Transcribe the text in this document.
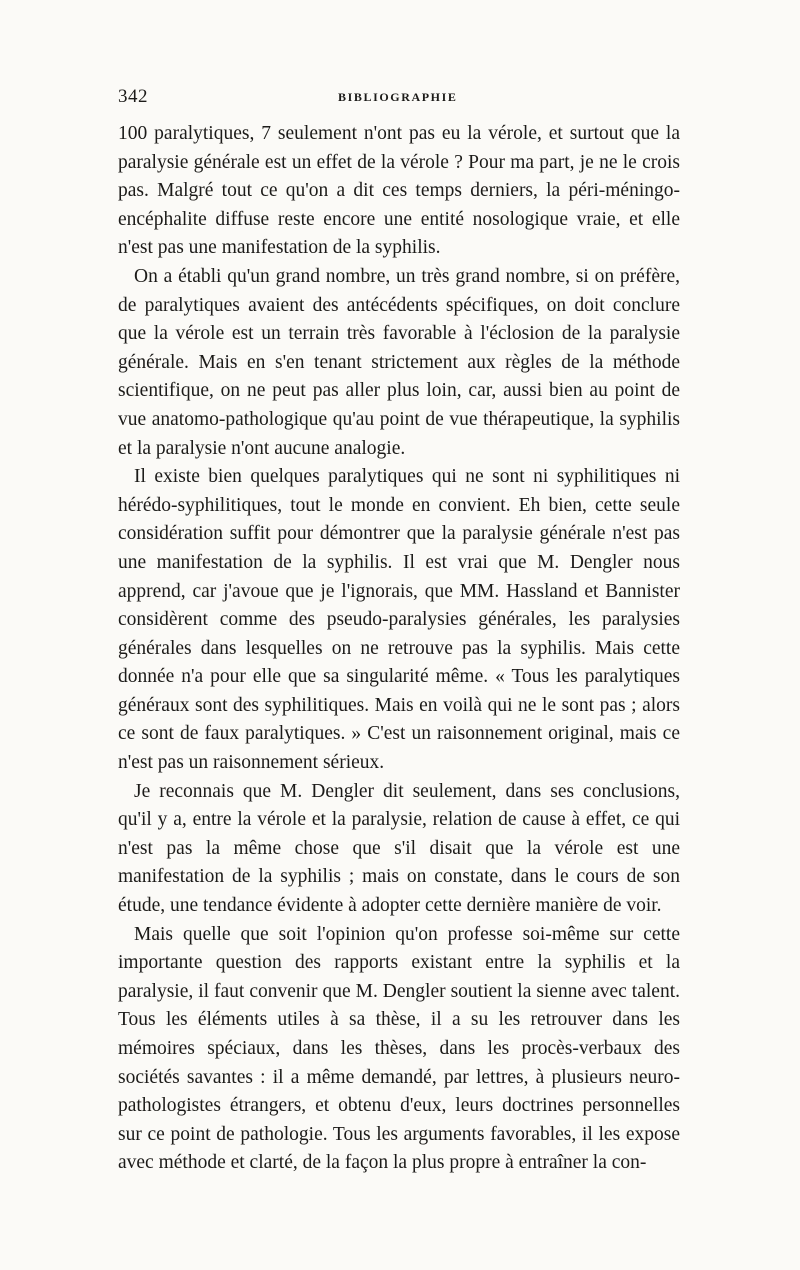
342	BIBLIOGRAPHIE

100 paralytiques, 7 seulement n'ont pas eu la vérole, et surtout que la paralysie générale est un effet de la vérole ? Pour ma part, je ne le crois pas. Malgré tout ce qu'on a dit ces temps derniers, la péri-méningo-encéphalite diffuse reste encore une entité nosologique vraie, et elle n'est pas une manifestation de la syphilis.

On a établi qu'un grand nombre, un très grand nombre, si on préfère, de paralytiques avaient des antécédents spécifiques, on doit conclure que la vérole est un terrain très favorable à l'éclosion de la paralysie générale. Mais en s'en tenant strictement aux règles de la méthode scientifique, on ne peut pas aller plus loin, car, aussi bien au point de vue anatomo-pathologique qu'au point de vue thérapeutique, la syphilis et la paralysie n'ont aucune analogie.

Il existe bien quelques paralytiques qui ne sont ni syphilitiques ni hérédo-syphilitiques, tout le monde en convient. Eh bien, cette seule considération suffit pour démontrer que la paralysie générale n'est pas une manifestation de la syphilis. Il est vrai que M. Dengler nous apprend, car j'avoue que je l'ignorais, que MM. Hassland et Bannister considèrent comme des pseudo-paralysies générales, les paralysies générales dans lesquelles on ne retrouve pas la syphilis. Mais cette donnée n'a pour elle que sa singularité même. « Tous les paralytiques généraux sont des syphilitiques. Mais en voilà qui ne le sont pas ; alors ce sont de faux paralytiques. » C'est un raisonnement original, mais ce n'est pas un raisonnement sérieux.

Je reconnais que M. Dengler dit seulement, dans ses conclusions, qu'il y a, entre la vérole et la paralysie, relation de cause à effet, ce qui n'est pas la même chose que s'il disait que la vérole est une manifestation de la syphilis ; mais on constate, dans le cours de son étude, une tendance évidente à adopter cette dernière manière de voir.

Mais quelle que soit l'opinion qu'on professe soi-même sur cette importante question des rapports existant entre la syphilis et la paralysie, il faut convenir que M. Dengler soutient la sienne avec talent. Tous les éléments utiles à sa thèse, il a su les retrouver dans les mémoires spéciaux, dans les thèses, dans les procès-verbaux des sociétés savantes : il a même demandé, par lettres, à plusieurs neuro-pathologistes étrangers, et obtenu d'eux, leurs doctrines personnelles sur ce point de pathologie. Tous les arguments favorables, il les expose avec méthode et clarté, de la façon la plus propre à entraîner la con-
